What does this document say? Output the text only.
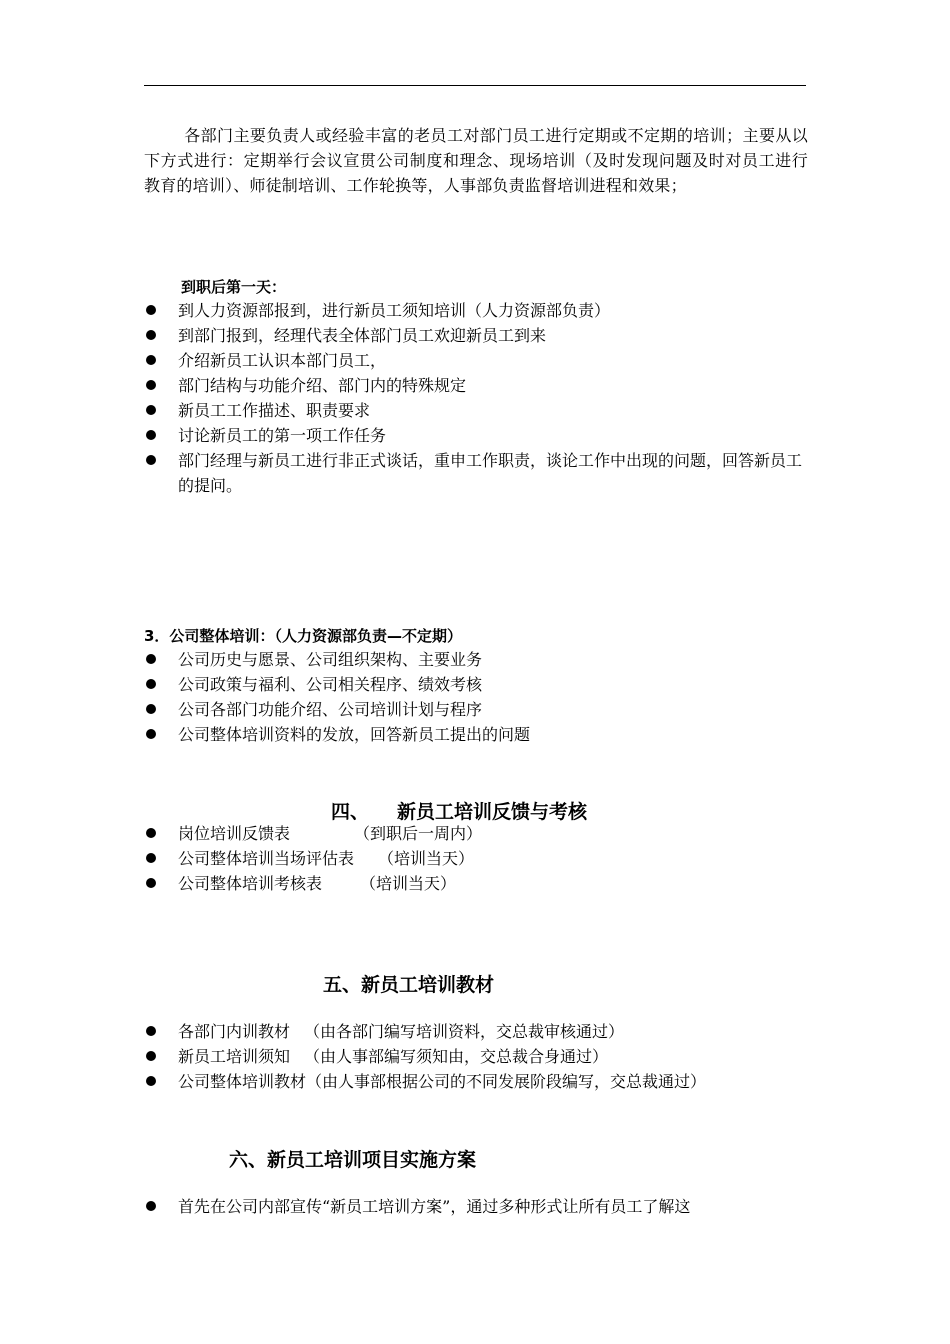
各部门主要负责人或经验丰富的老员工对部门员工进行定期或不定期的培训；主要从以下方式进行：定期举行会议宣贯公司制度和理念、现场培训（及时发现问题及时对员工进行教育的培训）、师徒制培训、工作轮换等，人事部负责监督培训进程和效果；
到职后第一天：
到人力资源部报到，进行新员工须知培训（人力资源部负责）
到部门报到，经理代表全体部门员工欢迎新员工到来
介绍新员工认识本部门员工，
部门结构与功能介绍、部门内的特殊规定
新员工工作描述、职责要求
讨论新员工的第一项工作任务
部门经理与新员工进行非正式谈话，重申工作职责，谈论工作中出现的问题，回答新员工的提问。
3．公司整体培训：（人力资源部负责—不定期）
公司历史与愿景、公司组织架构、主要业务
公司政策与福利、公司相关程序、绩效考核
公司各部门功能介绍、公司培训计划与程序
公司整体培训资料的发放，回答新员工提出的问题
四、 新员工培训反馈与考核
岗位培训反馈表	（到职后一周内）
公司整体培训当场评估表 （培训当天）
公司整体培训考核表 （培训当天）
五、新员工培训教材
各部门内训教材 （由各部门编写培训资料，交总裁审核通过）
新员工培训须知 （由人事部编写须知由，交总裁合身通过）
公司整体培训教材（由人事部根据公司的不同发展阶段编写，交总裁通过）
六、新员工培训项目实施方案
首先在公司内部宣传“新员工培训方案”，通过多种形式让所有员工了解这
